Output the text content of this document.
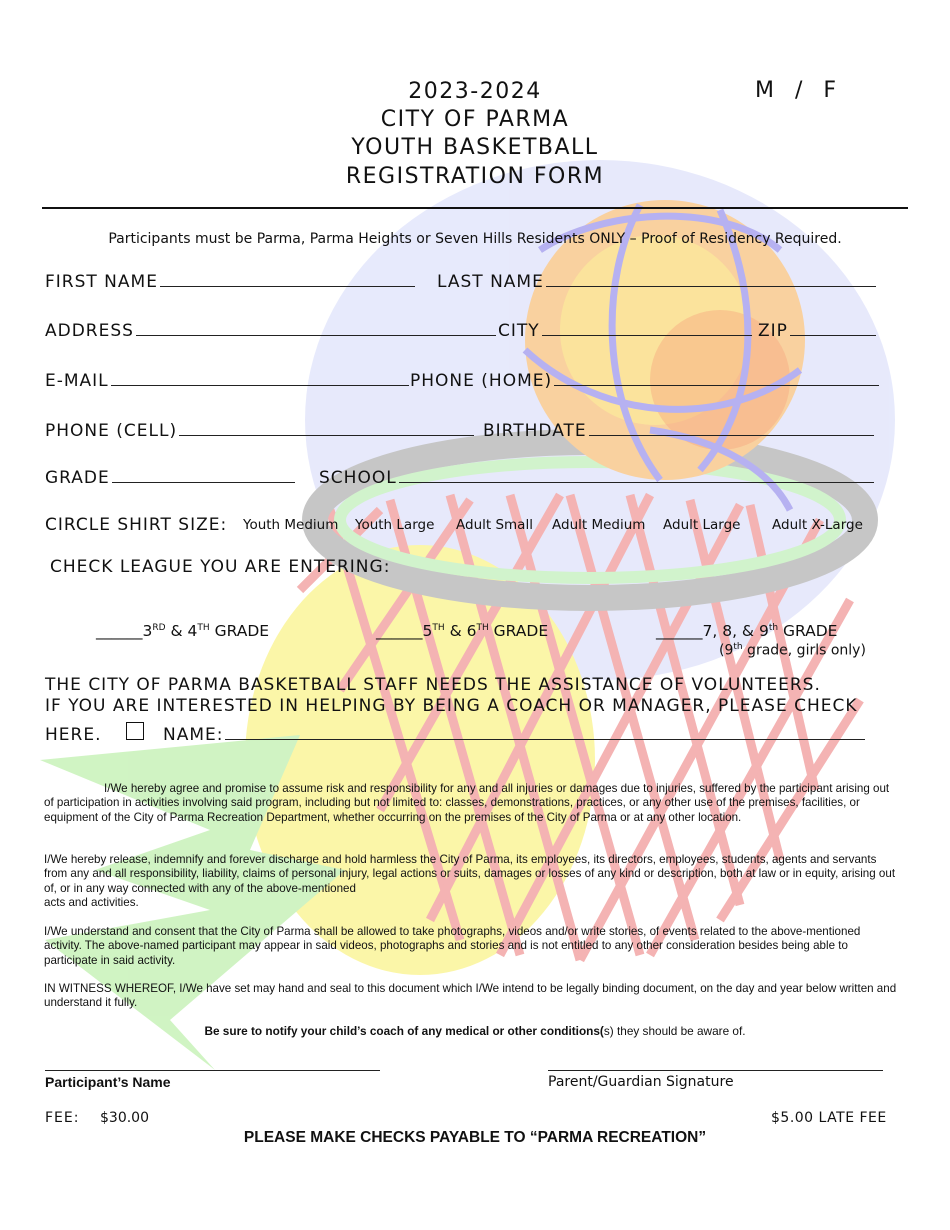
2023-2024
CITY OF PARMA
YOUTH BASKETBALL
REGISTRATION FORM
M   /   F
Participants must be Parma, Parma Heights or Seven Hills Residents ONLY – Proof of Residency Required.
FIRST NAME	LAST NAME
ADDRESS	CITY	ZIP
E-MAIL	PHONE (HOME)
PHONE (CELL)	BIRTHDATE
GRADE	SCHOOL
CIRCLE SHIRT SIZE: Youth Medium Youth Large Adult Small Adult Medium Adult Large Adult X-Large
CHECK LEAGUE YOU ARE ENTERING:
______3RD & 4TH GRADE	______5TH & 6TH GRADE	______7, 8, & 9th GRADE
(9th grade, girls only)
THE CITY OF PARMA BASKETBALL STAFF NEEDS THE ASSISTANCE OF VOLUNTEERS.
IF YOU ARE INTERESTED IN HELPING BY BEING A COACH OR MANAGER, PLEASE CHECK
HERE.	NAME:
I/We hereby agree and promise to assume risk and responsibility for any and all injuries or damages due to injuries, suffered by the participant arising out of participation in activities involving said program, including but not limited to: classes, demonstrations, practices, or any other use of the premises, facilities, or equipment of the City of Parma Recreation Department, whether occurring on the premises of the City of Parma or at any other location.
I/We hereby release, indemnify and forever discharge and hold harmless the City of Parma, its employees, its directors, employees, students, agents and servants from any and all responsibility, liability, claims of personal injury, legal actions or suits, damages or losses of any kind or description, both at law or in equity, arising out of, or in any way connected with any of the above-mentioned
acts and activities.
I/We understand and consent that the City of Parma shall be allowed to take photographs, videos and/or write stories, of events related to the above-mentioned activity. The above-named participant may appear in said videos, photographs and stories and is not entitled to any other consideration besides being able to participate in said activity.
IN WITNESS WHEREOF, I/We have set may hand and seal to this document which I/We intend to be legally binding document, on the day and year below written and understand it fully.
Be sure to notify your child’s coach of any medical or other conditions(s) they should be aware of.
Participant’s Name	Parent/Guardian Signature
FEE: $30.00	$5.00 LATE FEE
PLEASE MAKE CHECKS PAYABLE TO “PARMA RECREATION”
